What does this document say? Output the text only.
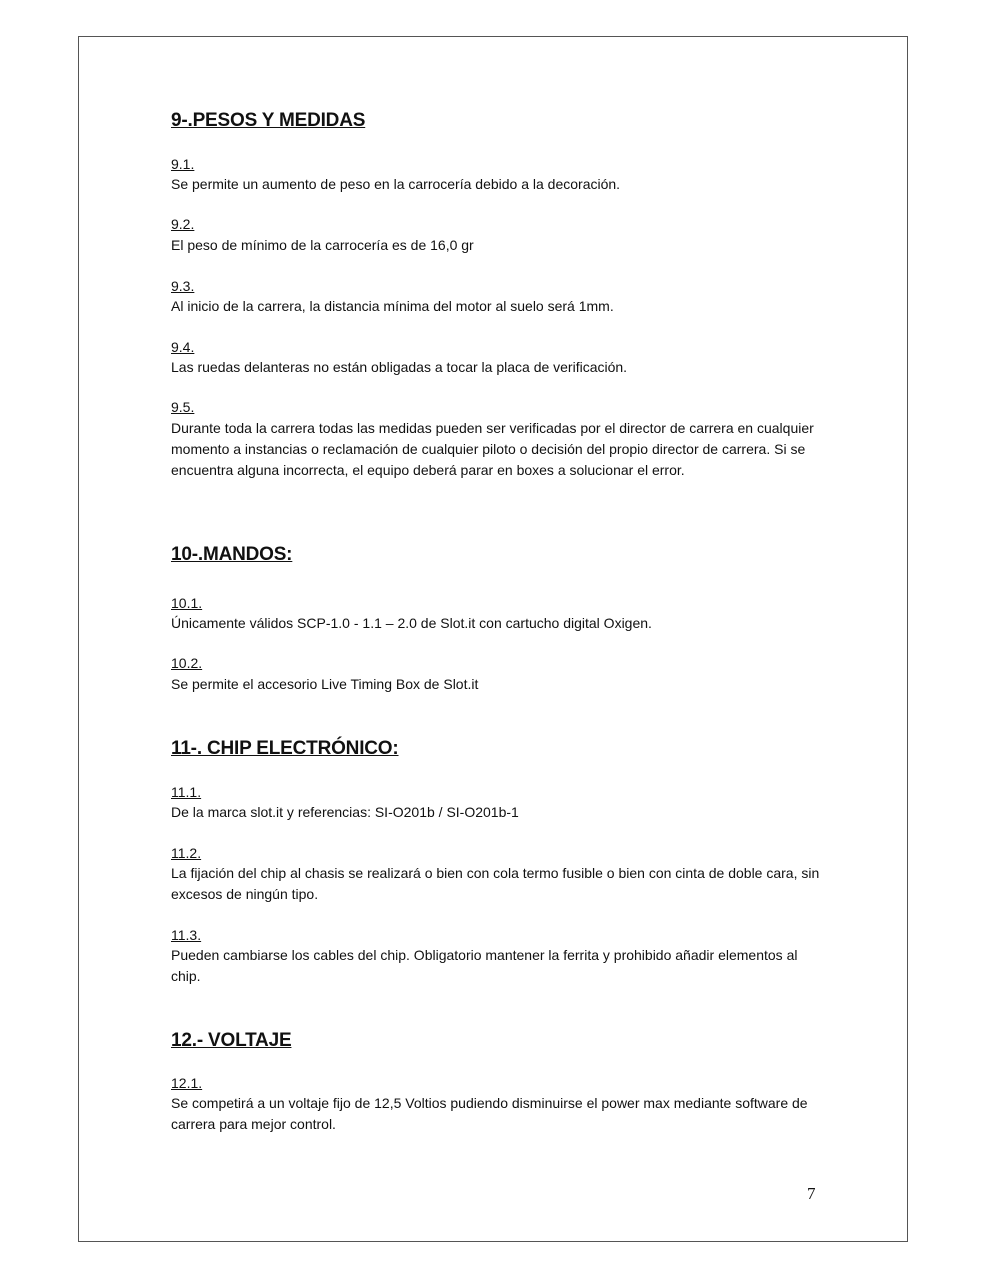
9-.PESOS Y MEDIDAS
9.1.
Se permite un aumento de peso en la carrocería debido a la decoración.
9.2.
El peso de mínimo de la carrocería es de 16,0 gr
9.3.
Al inicio de la carrera, la distancia mínima del motor al suelo será 1mm.
9.4.
Las ruedas delanteras no están obligadas a tocar la placa de verificación.
9.5.
Durante toda la carrera todas las medidas pueden ser verificadas por el director de carrera en cualquier momento a instancias o reclamación de cualquier piloto o decisión del propio director de carrera. Si se encuentra alguna incorrecta, el equipo deberá parar en boxes a solucionar el error.
10-.MANDOS:
10.1.
Únicamente válidos SCP-1.0 - 1.1 – 2.0 de Slot.it con cartucho digital Oxigen.
10.2.
Se permite el accesorio Live Timing Box de Slot.it
11-. CHIP ELECTRÓNICO:
11.1.
De la marca slot.it y referencias: SI-O201b / SI-O201b-1
11.2.
La fijación del chip al chasis se realizará o bien con cola termo fusible o bien con cinta de doble cara, sin excesos de ningún tipo.
11.3.
Pueden cambiarse los cables del chip. Obligatorio mantener la ferrita y prohibido añadir elementos al chip.
12.- VOLTAJE
12.1.
Se competirá a un voltaje fijo de 12,5 Voltios pudiendo disminuirse el power max mediante software de carrera para mejor control.
7
